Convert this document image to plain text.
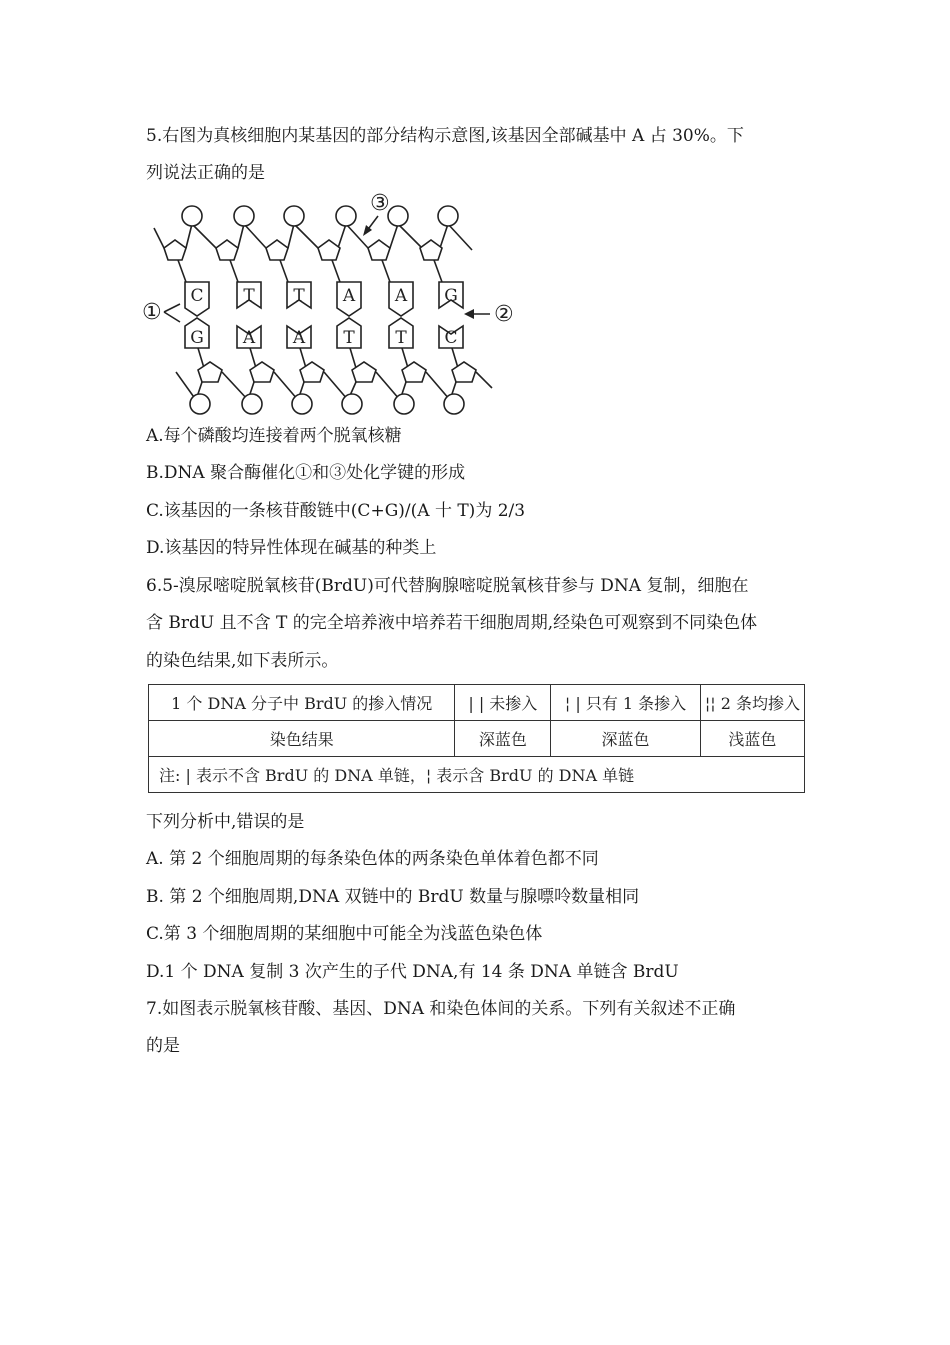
5.右图为真核细胞内某基因的部分结构示意图,该基因全部碱基中 A 占 30%。下
列说法正确的是
C T T A A G
G A A T T C
①	②
③
A.每个磷酸均连接着两个脱氧核糖
B.DNA 聚合酶催化①和③处化学键的形成
C.该基因的一条核苷酸链中(C+G)/(A 十 T)为 2/3
D.该基因的特异性体现在碱基的种类上
6.5-溴尿嘧啶脱氧核苷(BrdU)可代替胸腺嘧啶脱氧核苷参与 DNA 复制，细胞在
含 BrdU 且不含 T 的完全培养液中培养若干细胞周期,经染色可观察到不同染色体
的染色结果,如下表所示。
1 个 DNA 分子中 BrdU 的掺入情况	| | 未掺入	¦ | 只有 1 条掺入	¦¦ 2 条均掺入
染色结果	深蓝色	深蓝色	浅蓝色
注: | 表示不含 BrdU 的 DNA 单链，¦ 表示含 BrdU 的 DNA 单链			
下列分析中,错误的是
A. 第 2 个细胞周期的每条染色体的两条染色单体着色都不同
B. 第 2 个细胞周期,DNA 双链中的 BrdU 数量与腺嘌呤数量相同
C.第 3 个细胞周期的某细胞中可能全为浅蓝色染色体
D.1 个 DNA 复制 3 次产生的子代 DNA,有 14 条 DNA 单链含 BrdU
7.如图表示脱氧核苷酸、基因、DNA 和染色体间的关系。下列有关叙述不正确
的是
